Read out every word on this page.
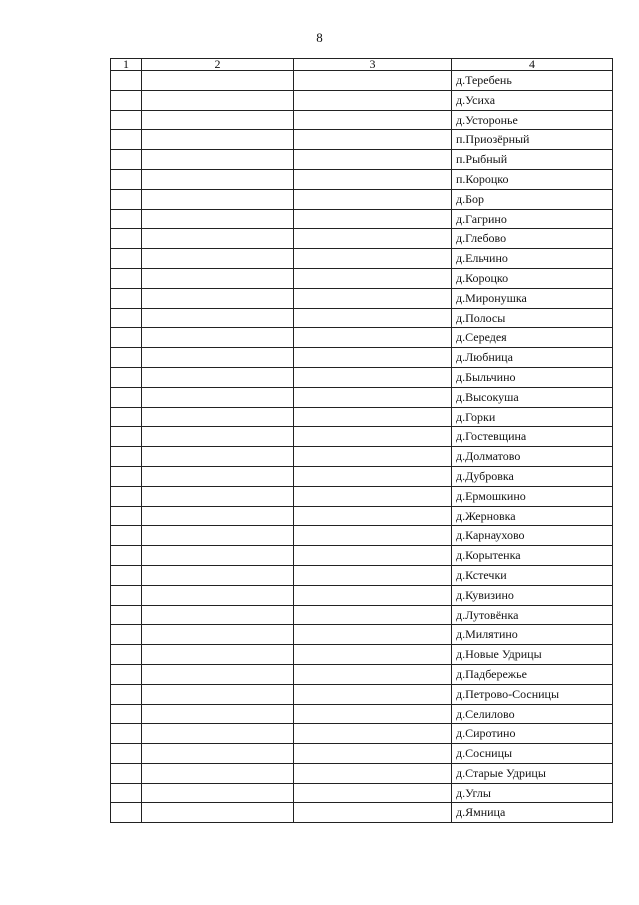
8
1	2	3	4
			д.Теребень
			д.Усиха
			д.Усторонье
			п.Приозёрный
			п.Рыбный
			п.Короцко
			д.Бор
			д.Гагрино
			д.Глебово
			д.Ельчино
			д.Короцко
			д.Миронушка
			д.Полосы
			д.Середея
			д.Любница
			д.Быльчино
			д.Высокуша
			д.Горки
			д.Гостевщина
			д.Долматово
			д.Дубровка
			д.Ермошкино
			д.Жерновка
			д.Карнаухово
			д.Корытенка
			д.Кстечки
			д.Кувизино
			д.Лутовёнка
			д.Милятино
			д.Новые Удрицы
			д.Падбережье
			д.Петрово-Сосницы
			д.Селилово
			д.Сиротино
			д.Сосницы
			д.Старые Удрицы
			д.Углы
			д.Ямница
